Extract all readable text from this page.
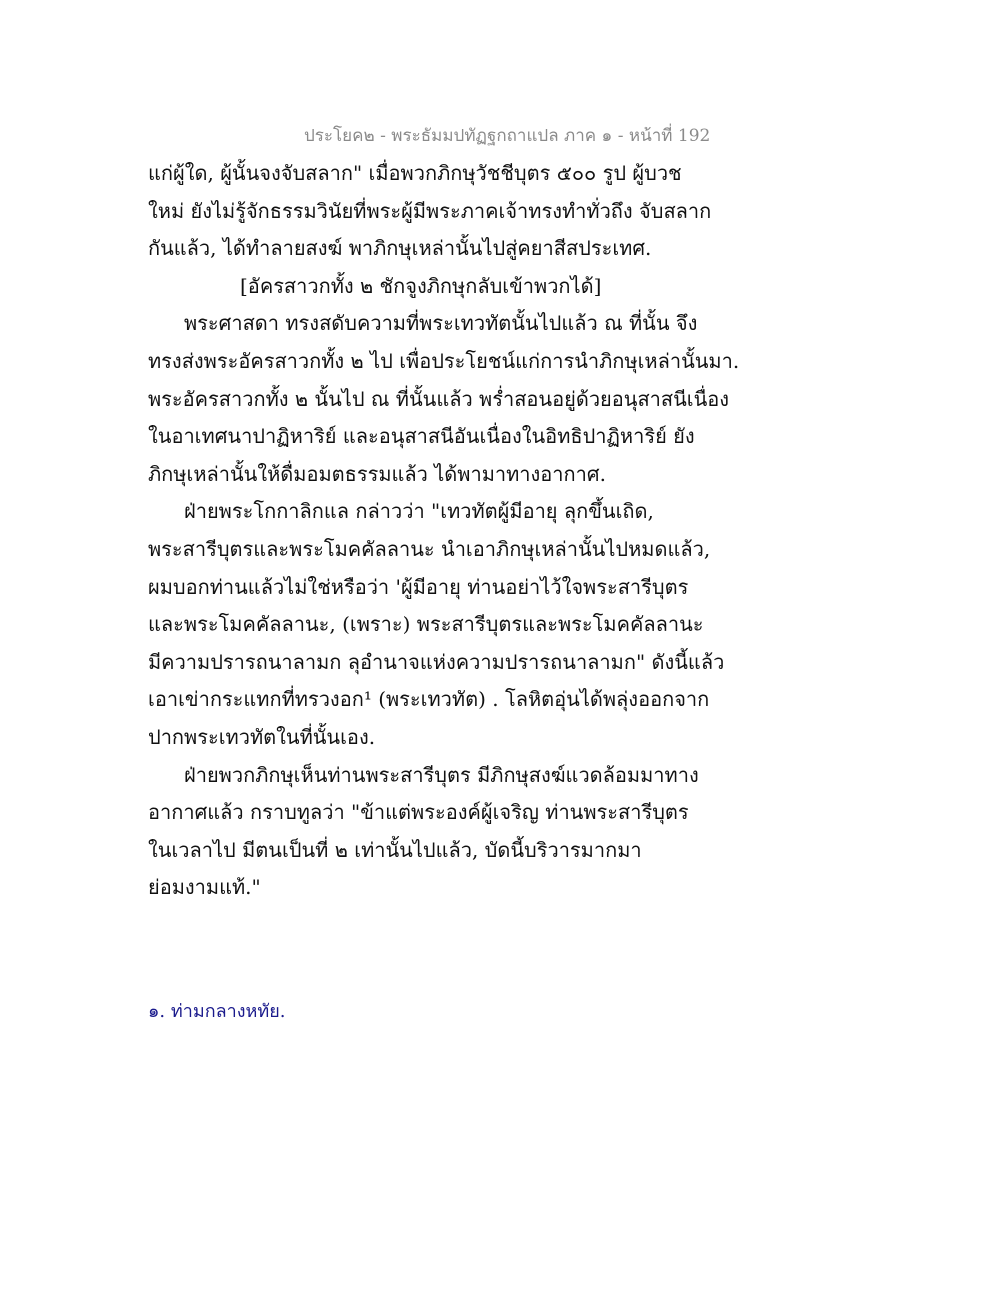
ประโยค๒ - พระธัมมปทัฏฐกถาแปล ภาค ๑ - หน้าที่ 192
แก่ผู้ใด, ผู้นั้นจงจับสลาก" เมื่อพวกภิกษุวัชชีบุตร ๕๐๐ รูป ผู้บวช
ใหม่ ยังไม่รู้จักธรรมวินัยที่พระผู้มีพระภาคเจ้าทรงทำทั่วถึง จับสลาก
กันแล้ว, ได้ทำลายสงฆ์ พาภิกษุเหล่านั้นไปสู่คยาสีสประเทศ.
[อัครสาวกทั้ง ๒ ชักจูงภิกษุกลับเข้าพวกได้]
พระศาสดา ทรงสดับความที่พระเทวทัตนั้นไปแล้ว ณ ที่นั้น จึง
ทรงส่งพระอัครสาวกทั้ง ๒ ไป เพื่อประโยชน์แก่การนำภิกษุเหล่านั้นมา.
พระอัครสาวกทั้ง ๒ นั้นไป ณ ที่นั้นแล้ว พร่ำสอนอยู่ด้วยอนุสาสนีเนื่อง
ในอาเทศนาปาฏิหาริย์ และอนุสาสนีอันเนื่องในอิทธิปาฏิหาริย์ ยัง
ภิกษุเหล่านั้นให้ดื่มอมตธรรมแล้ว ได้พามาทางอากาศ.
ฝ่ายพระโกกาลิกแล กล่าวว่า "เทวทัตผู้มีอายุ ลุกขึ้นเถิด,
พระสารีบุตรและพระโมคคัลลานะ นำเอาภิกษุเหล่านั้นไปหมดแล้ว,
ผมบอกท่านแล้วไม่ใช่หรือว่า 'ผู้มีอายุ ท่านอย่าไว้ใจพระสารีบุตร
และพระโมคคัลลานะ, (เพราะ) พระสารีบุตรและพระโมคคัลลานะ
มีความปรารถนาลามก ลุอำนาจแห่งความปรารถนาลามก" ดังนี้แล้ว
เอาเข่ากระแทกที่ทรวงอก¹ (พระเทวทัต) . โลหิตอุ่นได้พลุ่งออกจาก
ปากพระเทวทัตในที่นั้นเอง.
ฝ่ายพวกภิกษุเห็นท่านพระสารีบุตร มีภิกษุสงฆ์แวดล้อมมาทาง
อากาศแล้ว กราบทูลว่า "ข้าแต่พระองค์ผู้เจริญ ท่านพระสารีบุตร
ในเวลาไป มีตนเป็นที่ ๒ เท่านั้นไปแล้ว, บัดนี้บริวารมากมา
ย่อมงามแท้."
๑. ท่ามกลางหทัย.
